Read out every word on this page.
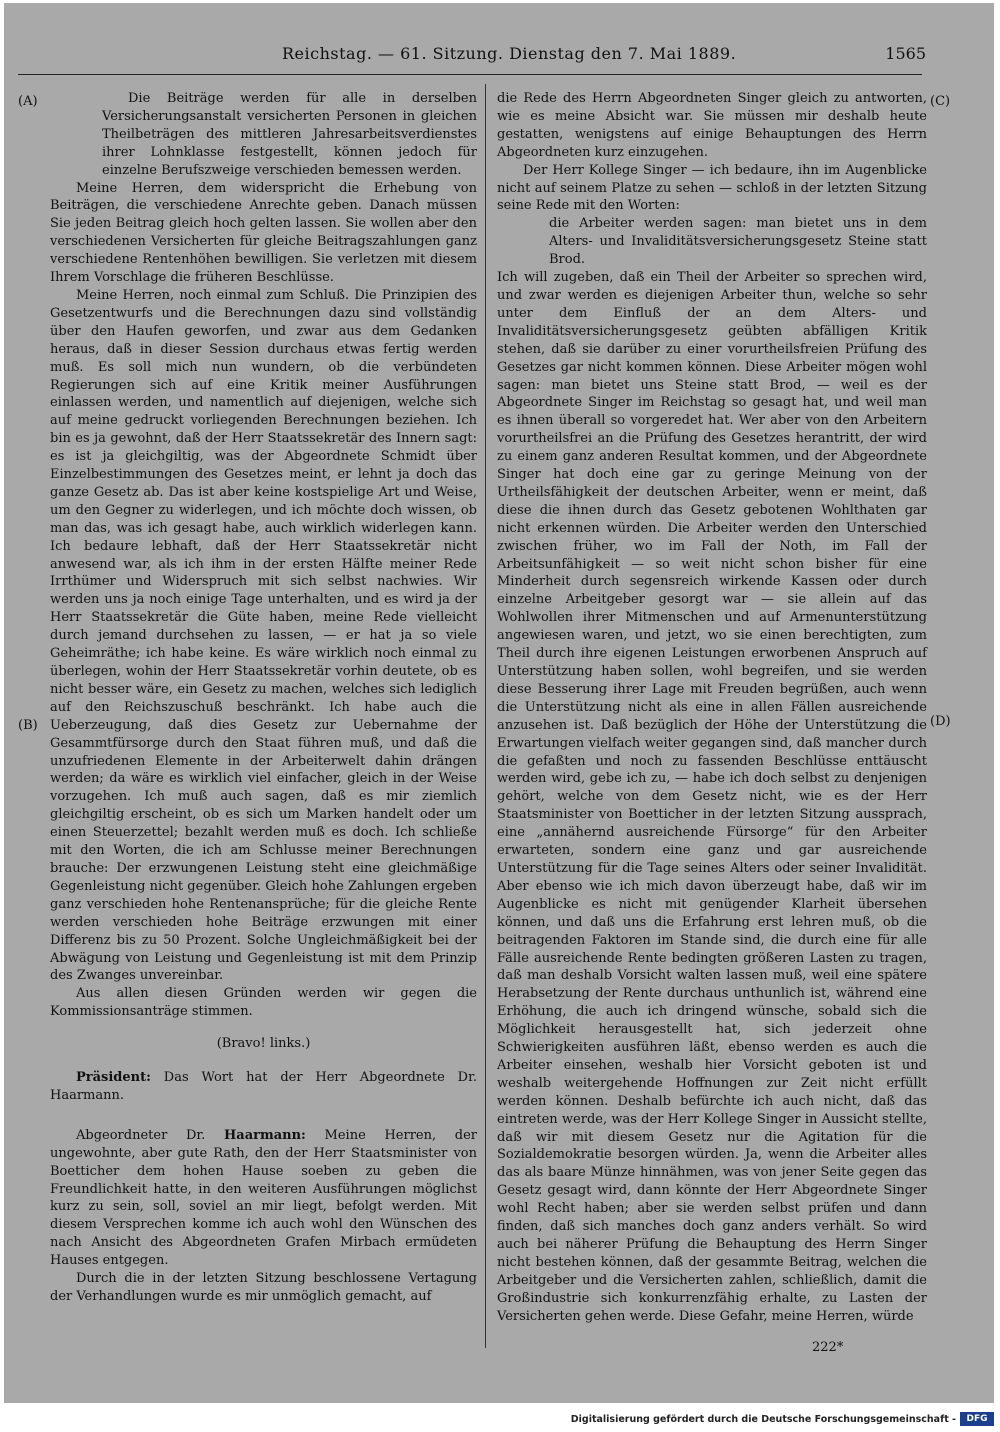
Reichstag. — 61. Sitzung. Dienstag den 7. Mai 1889.	1565
(A)
(B)
(C)
(D)

Die Beiträge werden für alle in derselben Versicherungsanstalt versicherten Personen in gleichen Theilbeträgen des mittleren Jahresarbeitsverdienstes ihrer Lohnklasse festgestellt, können jedoch für einzelne Berufszweige verschieden bemessen werden.

Meine Herren, dem widerspricht die Erhebung von Beiträgen, die verschiedene Anrechte geben. Danach müssen Sie jeden Beitrag gleich hoch gelten lassen. Sie wollen aber den verschiedenen Versicherten für gleiche Beitragszahlungen ganz verschiedene Rentenhöhen bewilligen. Sie verletzen mit diesem Ihrem Vorschlage die früheren Beschlüsse.

Meine Herren, noch einmal zum Schluß. Die Prinzipien des Gesetzentwurfs und die Berechnungen dazu sind vollständig über den Haufen geworfen, und zwar aus dem Gedanken heraus, daß in dieser Session durchaus etwas fertig werden muß. Es soll mich nun wundern, ob die verbündeten Regierungen sich auf eine Kritik meiner Ausführungen einlassen werden, und namentlich auf diejenigen, welche sich auf meine gedruckt vorliegenden Berechnungen beziehen. Ich bin es ja gewohnt, daß der Herr Staatssekretär des Innern sagt: es ist ja gleichgiltig, was der Abgeordnete Schmidt über Einzelbestimmungen des Gesetzes meint, er lehnt ja doch das ganze Gesetz ab. Das ist aber keine kostspielige Art und Weise, um den Gegner zu widerlegen, und ich möchte doch wissen, ob man das, was ich gesagt habe, auch wirklich widerlegen kann. Ich bedaure lebhaft, daß der Herr Staatssekretär nicht anwesend war, als ich ihm in der ersten Hälfte meiner Rede Irrthümer und Widerspruch mit sich selbst nachwies. Wir werden uns ja noch einige Tage unterhalten, und es wird ja der Herr Staatssekretär die Güte haben, meine Rede vielleicht durch jemand durchsehen zu lassen, — er hat ja so viele Geheimräthe; ich habe keine. Es wäre wirklich noch einmal zu überlegen, wohin der Herr Staatssekretär vorhin deutete, ob es nicht besser wäre, ein Gesetz zu machen, welches sich lediglich auf den Reichszuschuß beschränkt. Ich habe auch die Ueberzeugung, daß dies Gesetz zur Uebernahme der Gesammtfürsorge durch den Staat führen muß, und daß die unzufriedenen Elemente in der Arbeiterwelt dahin drängen werden; da wäre es wirklich viel einfacher, gleich in der Weise vorzugehen. Ich muß auch sagen, daß es mir ziemlich gleichgiltig erscheint, ob es sich um Marken handelt oder um einen Steuerzettel; bezahlt werden muß es doch. Ich schließe mit den Worten, die ich am Schlusse meiner Berechnungen brauche: Der erzwungenen Leistung steht eine gleichmäßige Gegenleistung nicht gegenüber. Gleich hohe Zahlungen ergeben ganz verschieden hohe Rentenansprüche; für die gleiche Rente werden verschieden hohe Beiträge erzwungen mit einer Differenz bis zu 50 Prozent. Solche Ungleichmäßigkeit bei der Abwägung von Leistung und Gegenleistung ist mit dem Prinzip des Zwanges unvereinbar.

Aus allen diesen Gründen werden wir gegen die Kommissionsanträge stimmen.

(Bravo! links.)

Präsident: Das Wort hat der Herr Abgeordnete Dr. Haarmann.

Abgeordneter Dr. Haarmann: Meine Herren, der ungewohnte, aber gute Rath, den der Herr Staatsminister von Boetticher dem hohen Hause soeben zu geben die Freundlichkeit hatte, in den weiteren Ausführungen möglichst kurz zu sein, soll, soviel an mir liegt, befolgt werden. Mit diesem Versprechen komme ich auch wohl den Wünschen des nach Ansicht des Abgeordneten Grafen Mirbach ermüdeten Hauses entgegen.

Durch die in der letzten Sitzung beschlossene Vertagung der Verhandlungen wurde es mir unmöglich gemacht, auf

die Rede des Herrn Abgeordneten Singer gleich zu antworten, wie es meine Absicht war. Sie müssen mir deshalb heute gestatten, wenigstens auf einige Behauptungen des Herrn Abgeordneten kurz einzugehen.

Der Herr Kollege Singer — ich bedaure, ihn im Augenblicke nicht auf seinem Platze zu sehen — schloß in der letzten Sitzung seine Rede mit den Worten:

die Arbeiter werden sagen: man bietet uns in dem Alters- und Invaliditätsversicherungsgesetz Steine statt Brod.

Ich will zugeben, daß ein Theil der Arbeiter so sprechen wird, und zwar werden es diejenigen Arbeiter thun, welche so sehr unter dem Einfluß der an dem Alters- und Invaliditätsversicherungsgesetz geübten abfälligen Kritik stehen, daß sie darüber zu einer vorurtheilsfreien Prüfung des Gesetzes gar nicht kommen können. Diese Arbeiter mögen wohl sagen: man bietet uns Steine statt Brod, — weil es der Abgeordnete Singer im Reichstag so gesagt hat, und weil man es ihnen überall so vorgeredet hat. Wer aber von den Arbeitern vorurtheilsfrei an die Prüfung des Gesetzes herantritt, der wird zu einem ganz anderen Resultat kommen, und der Abgeordnete Singer hat doch eine gar zu geringe Meinung von der Urtheilsfähigkeit der deutschen Arbeiter, wenn er meint, daß diese die ihnen durch das Gesetz gebotenen Wohlthaten gar nicht erkennen würden. Die Arbeiter werden den Unterschied zwischen früher, wo im Fall der Noth, im Fall der Arbeitsunfähigkeit — so weit nicht schon bisher für eine Minderheit durch segensreich wirkende Kassen oder durch einzelne Arbeitgeber gesorgt war — sie allein auf das Wohlwollen ihrer Mitmenschen und auf Armenunterstützung angewiesen waren, und jetzt, wo sie einen berechtigten, zum Theil durch ihre eigenen Leistungen erworbenen Anspruch auf Unterstützung haben sollen, wohl begreifen, und sie werden diese Besserung ihrer Lage mit Freuden begrüßen, auch wenn die Unterstützung nicht als eine in allen Fällen ausreichende anzusehen ist. Daß bezüglich der Höhe der Unterstützung die Erwartungen vielfach weiter gegangen sind, daß mancher durch die gefaßten und noch zu fassenden Beschlüsse enttäuscht werden wird, gebe ich zu, — habe ich doch selbst zu denjenigen gehört, welche von dem Gesetz nicht, wie es der Herr Staatsminister von Boetticher in der letzten Sitzung aussprach, eine „annähernd ausreichende Fürsorge“ für den Arbeiter erwarteten, sondern eine ganz und gar ausreichende Unterstützung für die Tage seines Alters oder seiner Invalidität. Aber ebenso wie ich mich davon überzeugt habe, daß wir im Augenblicke es nicht mit genügender Klarheit übersehen können, und daß uns die Erfahrung erst lehren muß, ob die beitragenden Faktoren im Stande sind, die durch eine für alle Fälle ausreichende Rente bedingten größeren Lasten zu tragen, daß man deshalb Vorsicht walten lassen muß, weil eine spätere Herabsetzung der Rente durchaus unthunlich ist, während eine Erhöhung, die auch ich dringend wünsche, sobald sich die Möglichkeit herausgestellt hat, sich jederzeit ohne Schwierigkeiten ausführen läßt, ebenso werden es auch die Arbeiter einsehen, weshalb hier Vorsicht geboten ist und weshalb weitergehende Hoffnungen zur Zeit nicht erfüllt werden können. Deshalb befürchte ich auch nicht, daß das eintreten werde, was der Herr Kollege Singer in Aussicht stellte, daß wir mit diesem Gesetz nur die Agitation für die Sozialdemokratie besorgen würden. Ja, wenn die Arbeiter alles das als baare Münze hinnähmen, was von jener Seite gegen das Gesetz gesagt wird, dann könnte der Herr Abgeordnete Singer wohl Recht haben; aber sie werden selbst prüfen und dann finden, daß sich manches doch ganz anders verhält. So wird auch bei näherer Prüfung die Behauptung des Herrn Singer nicht bestehen können, daß der gesammte Beitrag, welchen die Arbeitgeber und die Versicherten zahlen, schließlich, damit die Großindustrie sich konkurrenzfähig erhalte, zu Lasten der Versicherten gehen werde. Diese Gefahr, meine Herren, würde

222*
Digitalisierung gefördert durch die Deutsche Forschungsgemeinschaft -	DFG
